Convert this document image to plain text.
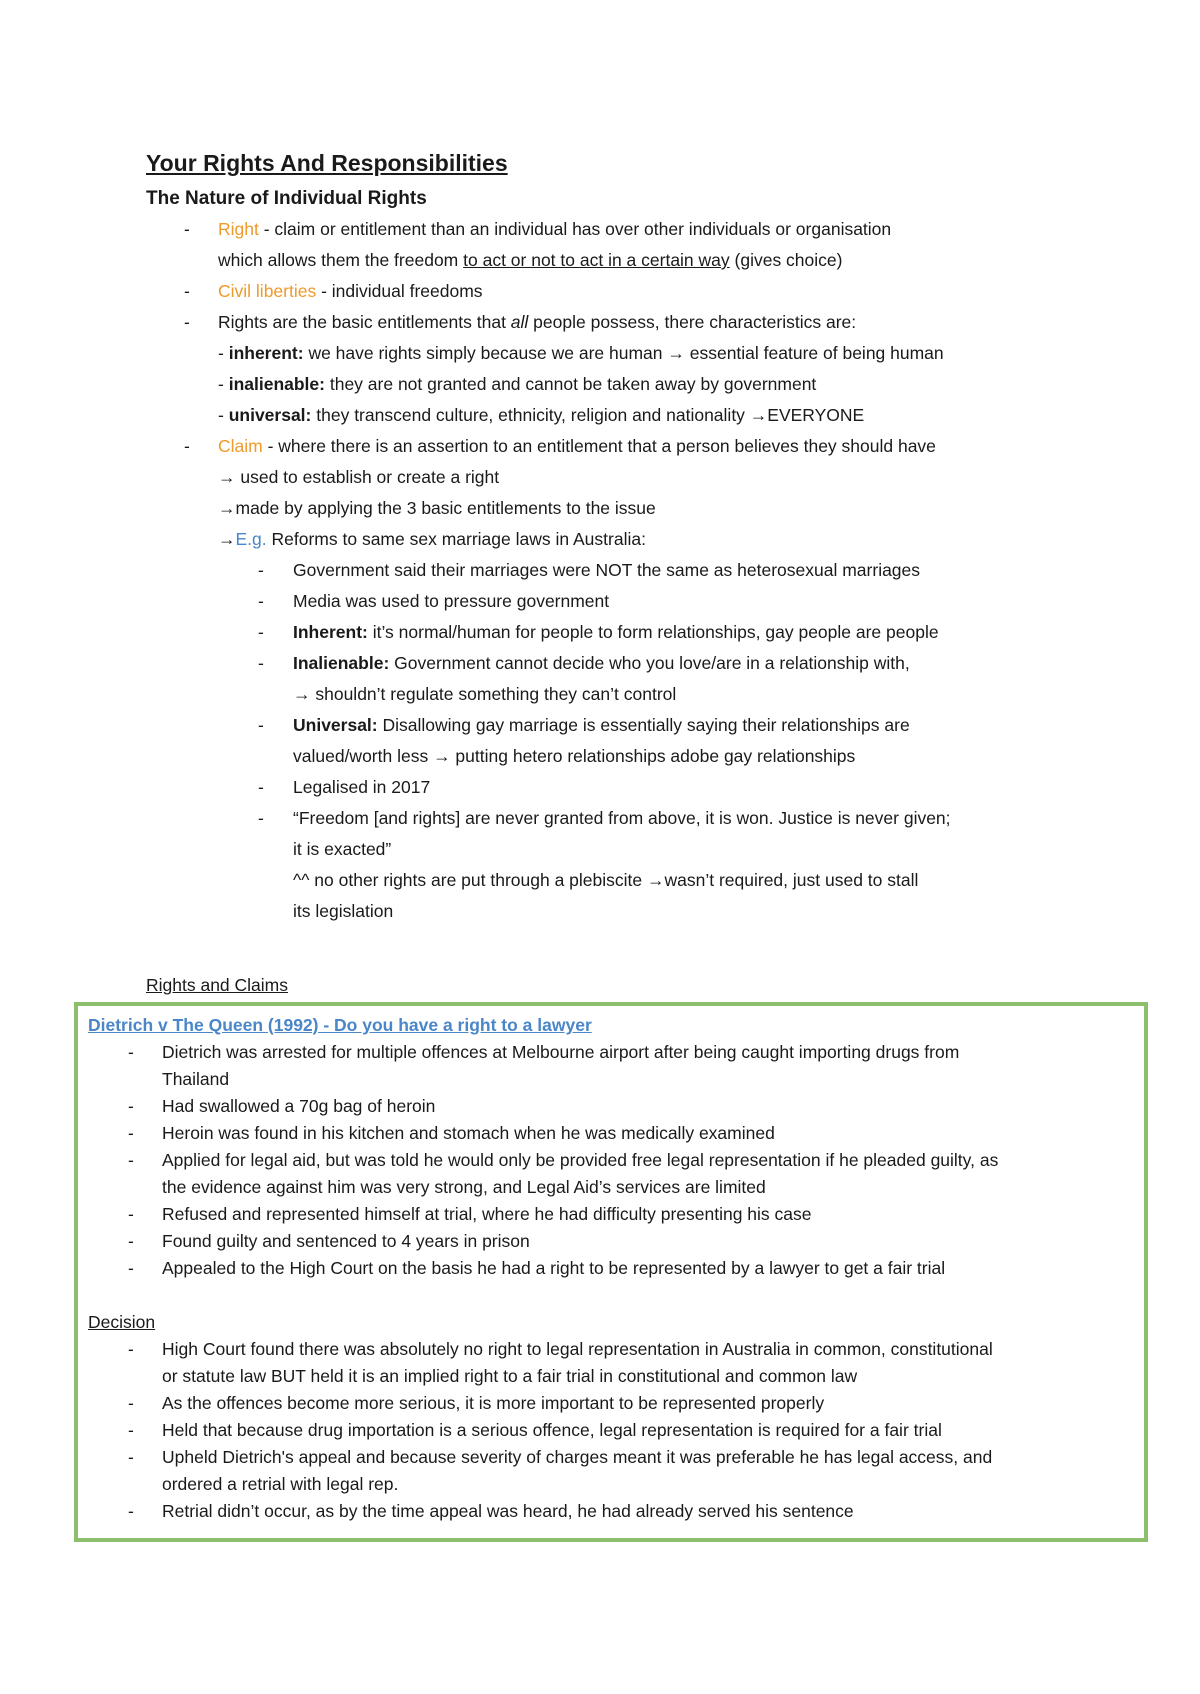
Your Rights And Responsibilities
The Nature of Individual Rights
- Right - claim or entitlement than an individual has over other individuals or organisation
which allows them the freedom to act or not to act in a certain way (gives choice)
- Civil liberties - individual freedoms
- Rights are the basic entitlements that all people possess, there characteristics are:
- inherent: we have rights simply because we are human → essential feature of being human
- inalienable: they are not granted and cannot be taken away by government
- universal: they transcend culture, ethnicity, religion and nationality →EVERYONE
- Claim - where there is an assertion to an entitlement that a person believes they should have
→ used to establish or create a right
→made by applying the 3 basic entitlements to the issue
→E.g. Reforms to same sex marriage laws in Australia:
- Government said their marriages were NOT the same as heterosexual marriages
- Media was used to pressure government
- Inherent: it’s normal/human for people to form relationships, gay people are people
- Inalienable: Government cannot decide who you love/are in a relationship with,
→ shouldn’t regulate something they can’t control
- Universal: Disallowing gay marriage is essentially saying their relationships are
valued/worth less → putting hetero relationships adobe gay relationships
- Legalised in 2017
- “Freedom [and rights] are never granted from above, it is won. Justice is never given;
it is exacted”
^^ no other rights are put through a plebiscite →wasn’t required, just used to stall
its legislation
Rights and Claims
Dietrich v The Queen (1992) - Do you have a right to a lawyer
- Dietrich was arrested for multiple offences at Melbourne airport after being caught importing drugs from
Thailand
- Had swallowed a 70g bag of heroin
- Heroin was found in his kitchen and stomach when he was medically examined
- Applied for legal aid, but was told he would only be provided free legal representation if he pleaded guilty, as
the evidence against him was very strong, and Legal Aid’s services are limited
- Refused and represented himself at trial, where he had difficulty presenting his case
- Found guilty and sentenced to 4 years in prison
- Appealed to the High Court on the basis he had a right to be represented by a lawyer to get a fair trial
Decision
- High Court found there was absolutely no right to legal representation in Australia in common, constitutional
or statute law BUT held it is an implied right to a fair trial in constitutional and common law
- As the offences become more serious, it is more important to be represented properly
- Held that because drug importation is a serious offence, legal representation is required for a fair trial
- Upheld Dietrich's appeal and because severity of charges meant it was preferable he has legal access, and
ordered a retrial with legal rep.
- Retrial didn’t occur, as by the time appeal was heard, he had already served his sentence
